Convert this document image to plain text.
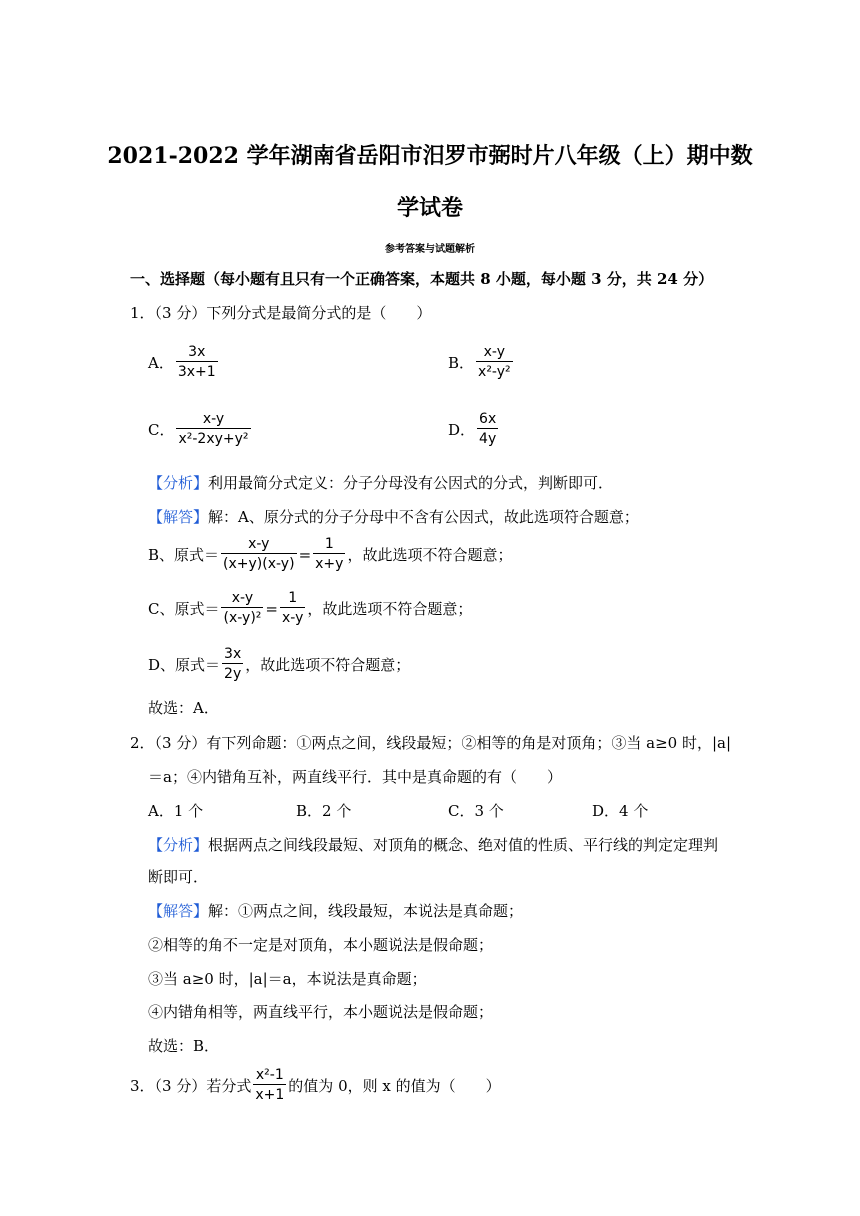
2021-2022 学年湖南省岳阳市汨罗市弼时片八年级（上）期中数
学试卷
参考答案与试题解析
一、选择题（每小题有且只有一个正确答案，本题共 8 小题，每小题 3 分，共 24 分）
1．（3 分）下列分式是最简分式的是（　　）
A． $\frac{3x}{3x+1}$	B． $\frac{x-y}{\text{x²-y²}}$
C． $\frac{x-y}{\text{x²-2xy+y²}}$	D． $\frac{6x}{4y}$
【分析】利用最简分式定义：分子分母没有公因式的分式，判断即可．
【解答】解：A、原分式的分子分母中不含有公因式，故此选项符合题意；
B、原式＝ $\frac{x-y}{(x+y)(x-y)} = \frac{1}{x+y}$ ，故此选项不符合题意；
C、原式＝ $\frac{x-y}{\text{(x-y)²}} = \frac{1}{x-y}$ ，故此选项不符合题意；
D、原式＝ $\frac{3x}{2y}$ ，故此选项不符合题意；
故选：A．
2．（3 分）有下列命题：①两点之间，线段最短；②相等的角是对顶角；③当 a≥0 时，|a|
＝a；④内错角互补，两直线平行．其中是真命题的有（　　）
A．1 个	B．2 个	C．3 个	D．4 个
【分析】根据两点之间线段最短、对顶角的概念、绝对值的性质、平行线的判定定理判
断即可．
【解答】解：①两点之间，线段最短，本说法是真命题；
②相等的角不一定是对顶角，本小题说法是假命题；
③当 a≥0 时，|a|＝a，本说法是真命题；
④内错角相等，两直线平行，本小题说法是假命题；
故选：B．
3．（3 分）若分式 $\frac{\text{x²-1}}{x+1}$ 的值为 0，则 x 的值为（　　）
